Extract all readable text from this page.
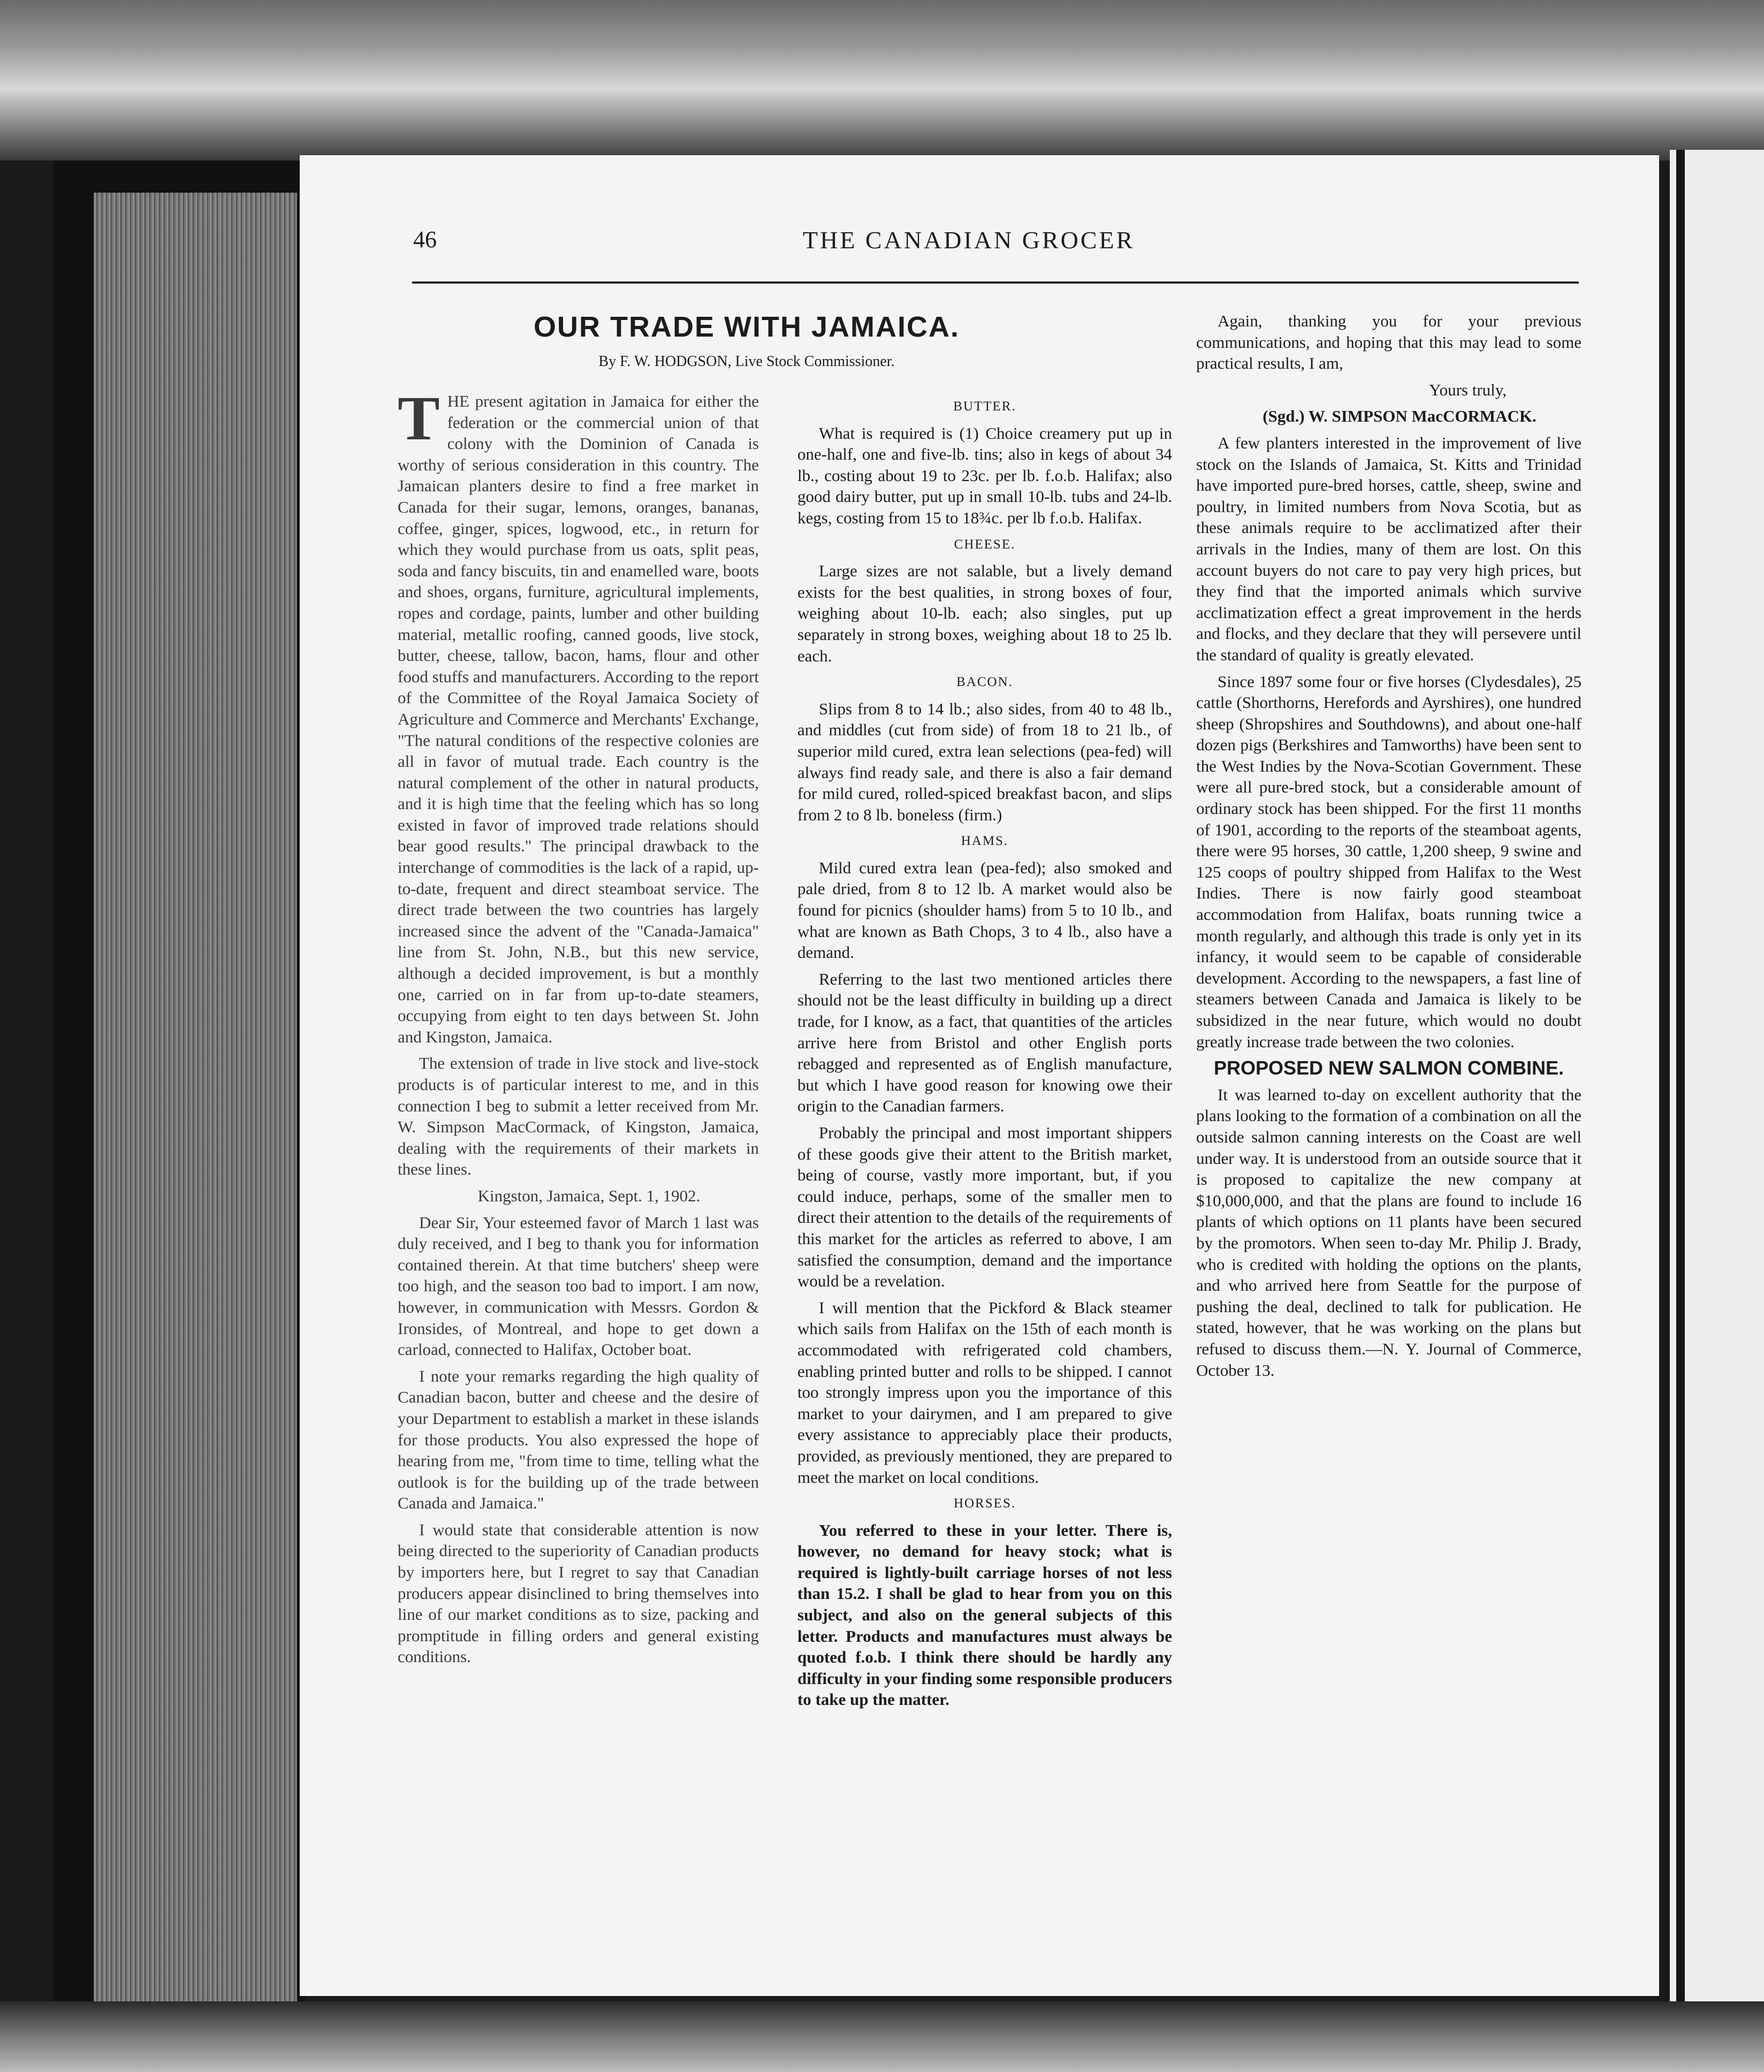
46	THE CANADIAN GROCER
OUR TRADE WITH JAMAICA.
By F. W. HODGSON, Live Stock Commissioner.

THE present agitation in Jamaica for either the federation or the commercial union of that colony with the Dominion of Canada is worthy of serious consideration in this country. The Jamaican planters desire to find a free market in Canada for their sugar, lemons, oranges, bananas, coffee, ginger, spices, logwood, etc., in return for which they would purchase from us oats, split peas, soda and fancy biscuits, tin and enamelled ware, boots and shoes, organs, furniture, agricultural implements, ropes and cordage, paints, lumber and other building material, metallic roofing, canned goods, live stock, butter, cheese, tallow, bacon, hams, flour and other food stuffs and manufacturers. According to the report of the Committee of the Royal Jamaica Society of Agriculture and Commerce and Merchants' Exchange, "The natural conditions of the respective colonies are all in favor of mutual trade. Each country is the natural complement of the other in natural products, and it is high time that the feeling which has so long existed in favor of improved trade relations should bear good results." The principal drawback to the interchange of commodities is the lack of a rapid, up-to-date, frequent and direct steamboat service. The direct trade between the two countries has largely increased since the advent of the "Canada-Jamaica" line from St. John, N.B., but this new service, although a decided improvement, is but a monthly one, carried on in far from up-to-date steamers, occupying from eight to ten days between St. John and Kingston, Jamaica.

The extension of trade in live stock and live-stock products is of particular interest to me, and in this connection I beg to submit a letter received from Mr. W. Simpson MacCormack, of Kingston, Jamaica, dealing with the requirements of their markets in these lines.

Kingston, Jamaica, Sept. 1, 1902.

Dear Sir, Your esteemed favor of March 1 last was duly received, and I beg to thank you for information contained therein. At that time butchers' sheep were too high, and the season too bad to import. I am now, however, in communication with Messrs. Gordon & Ironsides, of Montreal, and hope to get down a carload, connected to Halifax, October boat.

I note your remarks regarding the high quality of Canadian bacon, butter and cheese and the desire of your Department to establish a market in these islands for those products. You also expressed the hope of hearing from me, "from time to time, telling what the outlook is for the building up of the trade between Canada and Jamaica."

I would state that considerable attention is now being directed to the superiority of Canadian products by importers here, but I regret to say that Canadian producers appear disinclined to bring themselves into line of our market conditions as to size, packing and promptitude in filling orders and general existing conditions.

BUTTER.

What is required is (1) Choice creamery put up in one-half, one and five-lb. tins; also in kegs of about 34 lb., costing about 19 to 23c. per lb. f.o.b. Halifax; also good dairy butter, put up in small 10-lb. tubs and 24-lb. kegs, costing from 15 to 18¾c. per lb f.o.b. Halifax.

CHEESE.

Large sizes are not salable, but a lively demand exists for the best qualities, in strong boxes of four, weighing about 10-lb. each; also singles, put up separately in strong boxes, weighing about 18 to 25 lb. each.

BACON.

Slips from 8 to 14 lb.; also sides, from 40 to 48 lb., and middles (cut from side) of from 18 to 21 lb., of superior mild cured, extra lean selections (pea-fed) will always find ready sale, and there is also a fair demand for mild cured, rolled-spiced breakfast bacon, and slips from 2 to 8 lb. boneless (firm.)

HAMS.

Mild cured extra lean (pea-fed); also smoked and pale dried, from 8 to 12 lb. A market would also be found for picnics (shoulder hams) from 5 to 10 lb., and what are known as Bath Chops, 3 to 4 lb., also have a demand.

Referring to the last two mentioned articles there should not be the least difficulty in building up a direct trade, for I know, as a fact, that quantities of the articles arrive here from Bristol and other English ports rebagged and represented as of English manufacture, but which I have good reason for knowing owe their origin to the Canadian farmers.

Probably the principal and most important shippers of these goods give their attent to the British market, being of course, vastly more important, but, if you could induce, perhaps, some of the smaller men to direct their attention to the details of the requirements of this market for the articles as referred to above, I am satisfied the consumption, demand and the importance would be a revelation.

I will mention that the Pickford & Black steamer which sails from Halifax on the 15th of each month is accommodated with refrigerated cold chambers, enabling printed butter and rolls to be shipped. I cannot too strongly impress upon you the importance of this market to your dairymen, and I am prepared to give every assistance to appreciably place their products, provided, as previously mentioned, they are prepared to meet the market on local conditions.

HORSES.

You referred to these in your letter. There is, however, no demand for heavy stock; what is required is lightly-built carriage horses of not less than 15.2. I shall be glad to hear from you on this subject, and also on the general subjects of this letter. Products and manufactures must always be quoted f.o.b. I think there should be hardly any difficulty in your finding some responsible producers to take up the matter.

Again, thanking you for your previous communications, and hoping that this may lead to some practical results, I am,

Yours truly,

(Sgd.) W. SIMPSON MacCORMACK.

A few planters interested in the improvement of live stock on the Islands of Jamaica, St. Kitts and Trinidad have imported pure-bred horses, cattle, sheep, swine and poultry, in limited numbers from Nova Scotia, but as these animals require to be acclimatized after their arrivals in the Indies, many of them are lost. On this account buyers do not care to pay very high prices, but they find that the imported animals which survive acclimatization effect a great improvement in the herds and flocks, and they declare that they will persevere until the standard of quality is greatly elevated.

Since 1897 some four or five horses (Clydesdales), 25 cattle (Shorthorns, Herefords and Ayrshires), one hundred sheep (Shropshires and Southdowns), and about one-half dozen pigs (Berkshires and Tamworths) have been sent to the West Indies by the Nova-Scotian Government. These were all pure-bred stock, but a considerable amount of ordinary stock has been shipped. For the first 11 months of 1901, according to the reports of the steamboat agents, there were 95 horses, 30 cattle, 1,200 sheep, 9 swine and 125 coops of poultry shipped from Halifax to the West Indies. There is now fairly good steamboat accommodation from Halifax, boats running twice a month regularly, and although this trade is only yet in its infancy, it would seem to be capable of considerable development. According to the newspapers, a fast line of steamers between Canada and Jamaica is likely to be subsidized in the near future, which would no doubt greatly increase trade between the two colonies.

PROPOSED NEW SALMON COMBINE.

It was learned to-day on excellent authority that the plans looking to the formation of a combination on all the outside salmon canning interests on the Coast are well under way. It is understood from an outside source that it is proposed to capitalize the new company at $10,000,000, and that the plans are found to include 16 plants of which options on 11 plants have been secured by the promotors. When seen to-day Mr. Philip J. Brady, who is credited with holding the options on the plants, and who arrived here from Seattle for the purpose of pushing the deal, declined to talk for publication. He stated, however, that he was working on the plans but refused to discuss them.—N. Y. Journal of Commerce, October 13.
